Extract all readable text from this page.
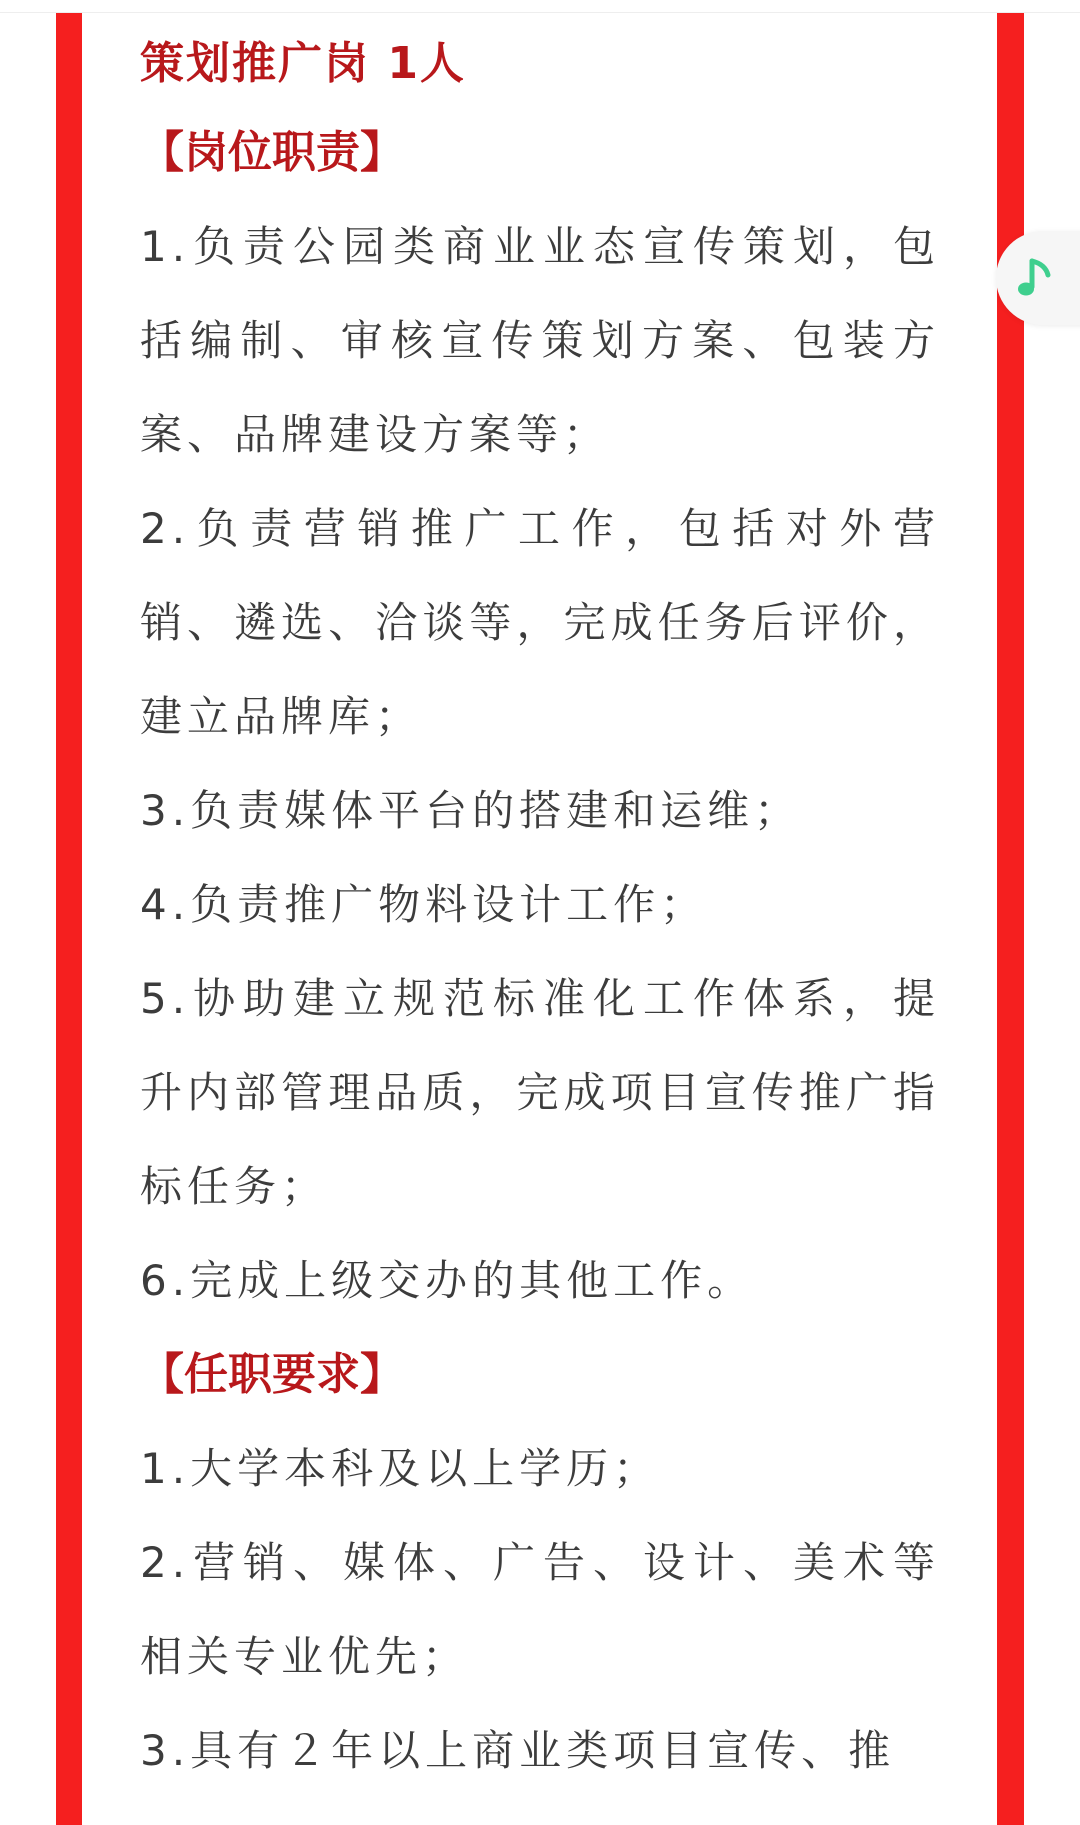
策划推广岗 1人
【岗位职责】

1.负责公园类商业业态宣传策划，包括编制、审核宣传策划方案、包装方案、品牌建设方案等；

2.负责营销推广工作，包括对外营销、遴选、洽谈等，完成任务后评价，建立品牌库；

3.负责媒体平台的搭建和运维；

4.负责推广物料设计工作；

5.协助建立规范标准化工作体系，提升内部管理品质，完成项目宣传推广指标任务；

6.完成上级交办的其他工作。

【任职要求】

1.大学本科及以上学历；

2.营销、媒体、广告、设计、美术等相关专业优先；

3.具有２年以上商业类项目宣传、推
